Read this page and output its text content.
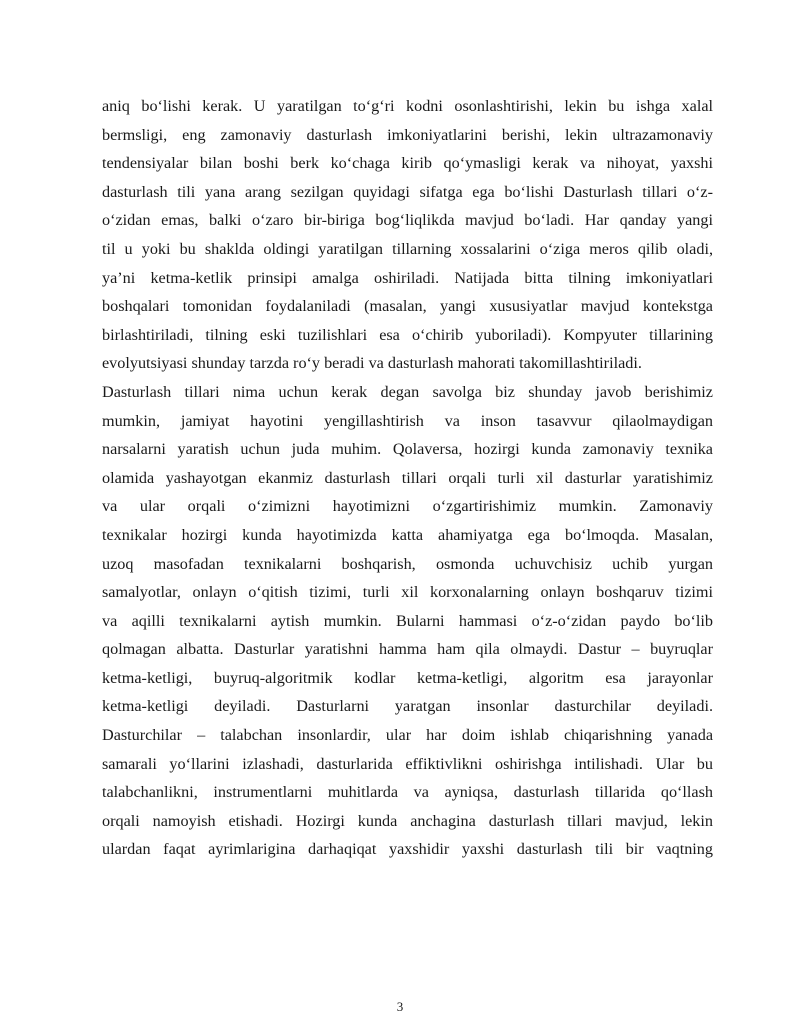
aniq bo‘lishi kerak. U yaratilgan to‘g‘ri kodni osonlashtirishi, lekin bu ishga xalal
bermsligi, eng zamonaviy dasturlash imkoniyatlarini berishi, lekin ultrazamonaviy
tendensiyalar bilan boshi berk ko‘chaga kirib qo‘ymasligi kerak va nihoyat, yaxshi
dasturlash tili yana arang sezilgan quyidagi sifatga ega bo‘lishi Dasturlash tillari o‘z-
o‘zidan emas, balki o‘zaro bir-biriga bog‘liqlikda mavjud bo‘ladi. Har qanday yangi
til u yoki bu shaklda oldingi yaratilgan tillarning xossalarini o‘ziga meros qilib oladi,
ya’ni ketma-ketlik prinsipi amalga oshiriladi. Natijada bitta tilning imkoniyatlari
boshqalari tomonidan foydalaniladi (masalan, yangi xususiyatlar mavjud kontekstga
birlashtiriladi, tilning eski tuzilishlari esa o‘chirib yuboriladi). Kompyuter tillarining
evolyutsiyasi shunday tarzda ro‘y beradi va dasturlash mahorati takomillashtiriladi.
Dasturlash tillari nima uchun kerak degan savolga biz shunday javob berishimiz
mumkin, jamiyat hayotini yengillashtirish va inson tasavvur qilaolmaydigan
narsalarni yaratish uchun juda muhim. Qolaversa, hozirgi kunda zamonaviy texnika
olamida yashayotgan ekanmiz dasturlash tillari orqali turli xil dasturlar yaratishimiz
va ular orqali o‘zimizni hayotimizni o‘zgartirishimiz mumkin. Zamonaviy
texnikalar hozirgi kunda hayotimizda katta ahamiyatga ega bo‘lmoqda. Masalan,
uzoq masofadan texnikalarni boshqarish, osmonda uchuvchisiz uchib yurgan
samalyotlar, onlayn o‘qitish tizimi, turli xil korxonalarning onlayn boshqaruv tizimi
va aqilli texnikalarni aytish mumkin. Bularni hammasi o‘z-o‘zidan paydo bo‘lib
qolmagan albatta. Dasturlar yaratishni hamma ham qila olmaydi. Dastur – buyruqlar
ketma-ketligi, buyruq-algoritmik kodlar ketma-ketligi, algoritm esa jarayonlar
ketma-ketligi deyiladi. Dasturlarni yaratgan insonlar dasturchilar deyiladi.
Dasturchilar – talabchan insonlardir, ular har doim ishlab chiqarishning yanada
samarali yo‘llarini izlashadi, dasturlarida effiktivlikni oshirishga intilishadi. Ular bu
talabchanlikni, instrumentlarni muhitlarda va ayniqsa, dasturlash tillarida qo‘llash
orqali namoyish etishadi. Hozirgi kunda anchagina dasturlash tillari mavjud, lekin
ulardan faqat ayrimlarigina darhaqiqat yaxshidir yaxshi dasturlash tili bir vaqtning

3
